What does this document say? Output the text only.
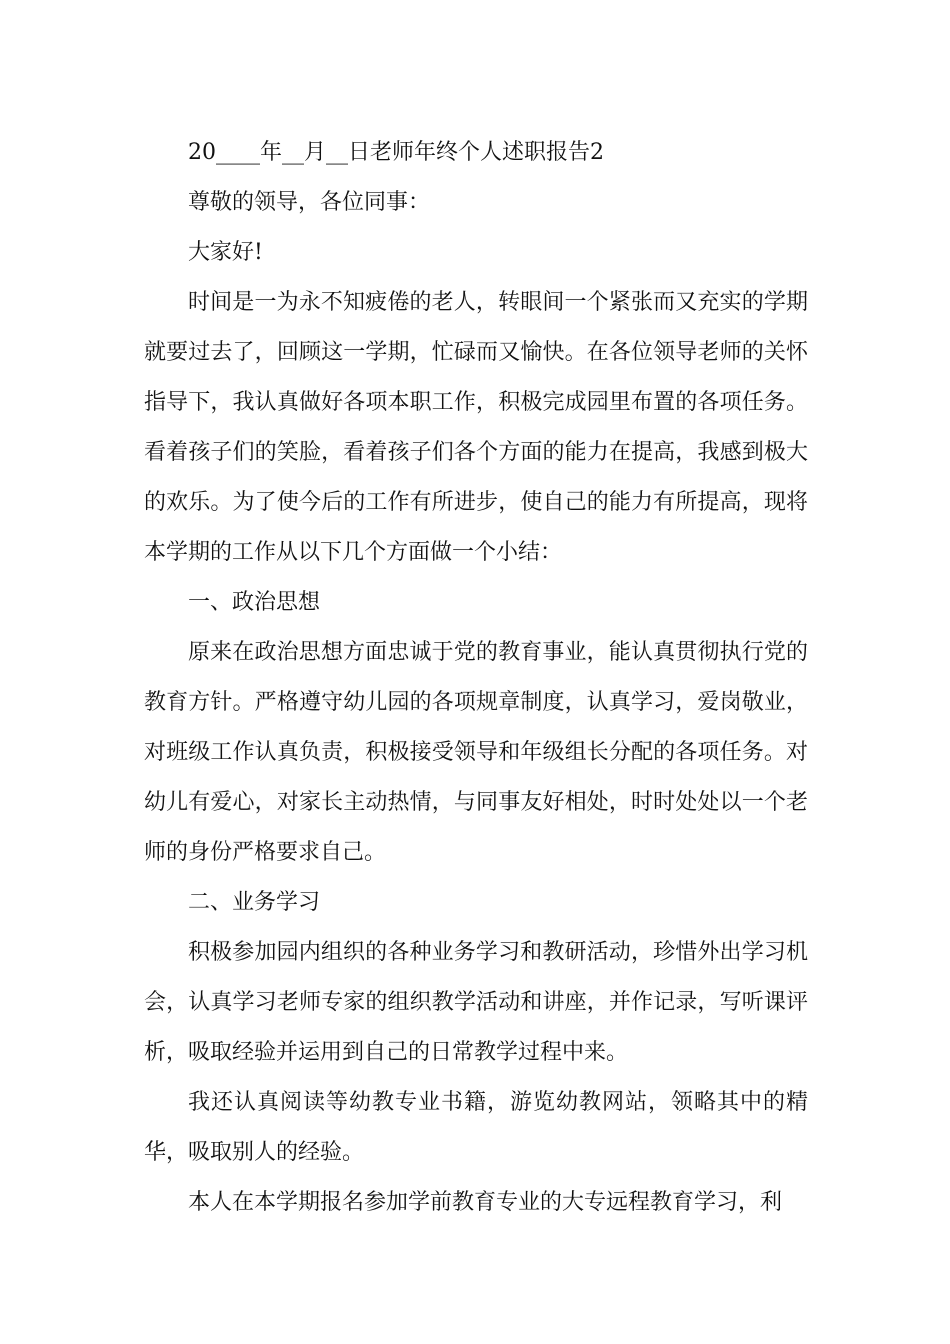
20____年__月__日老师年终个人述职报告2

尊敬的领导，各位同事：

大家好!

时间是一为永不知疲倦的老人，转眼间一个紧张而又充实的学期就要过去了，回顾这一学期，忙碌而又愉快。在各位领导老师的关怀指导下，我认真做好各项本职工作，积极完成园里布置的各项任务。看着孩子们的笑脸，看着孩子们各个方面的能力在提高，我感到极大的欢乐。为了使今后的工作有所进步，使自己的能力有所提高，现将本学期的工作从以下几个方面做一个小结：

一、政治思想

原来在政治思想方面忠诚于党的教育事业，能认真贯彻执行党的教育方针。严格遵守幼儿园的各项规章制度，认真学习，爱岗敬业，对班级工作认真负责，积极接受领导和年级组长分配的各项任务。对幼儿有爱心，对家长主动热情，与同事友好相处，时时处处以一个老师的身份严格要求自己。

二、业务学习

积极参加园内组织的各种业务学习和教研活动，珍惜外出学习机会，认真学习老师专家的组织教学活动和讲座，并作记录，写听课评析，吸取经验并运用到自己的日常教学过程中来。

我还认真阅读等幼教专业书籍，游览幼教网站，领略其中的精华，吸取别人的经验。

本人在本学期报名参加学前教育专业的大专远程教育学习，利
